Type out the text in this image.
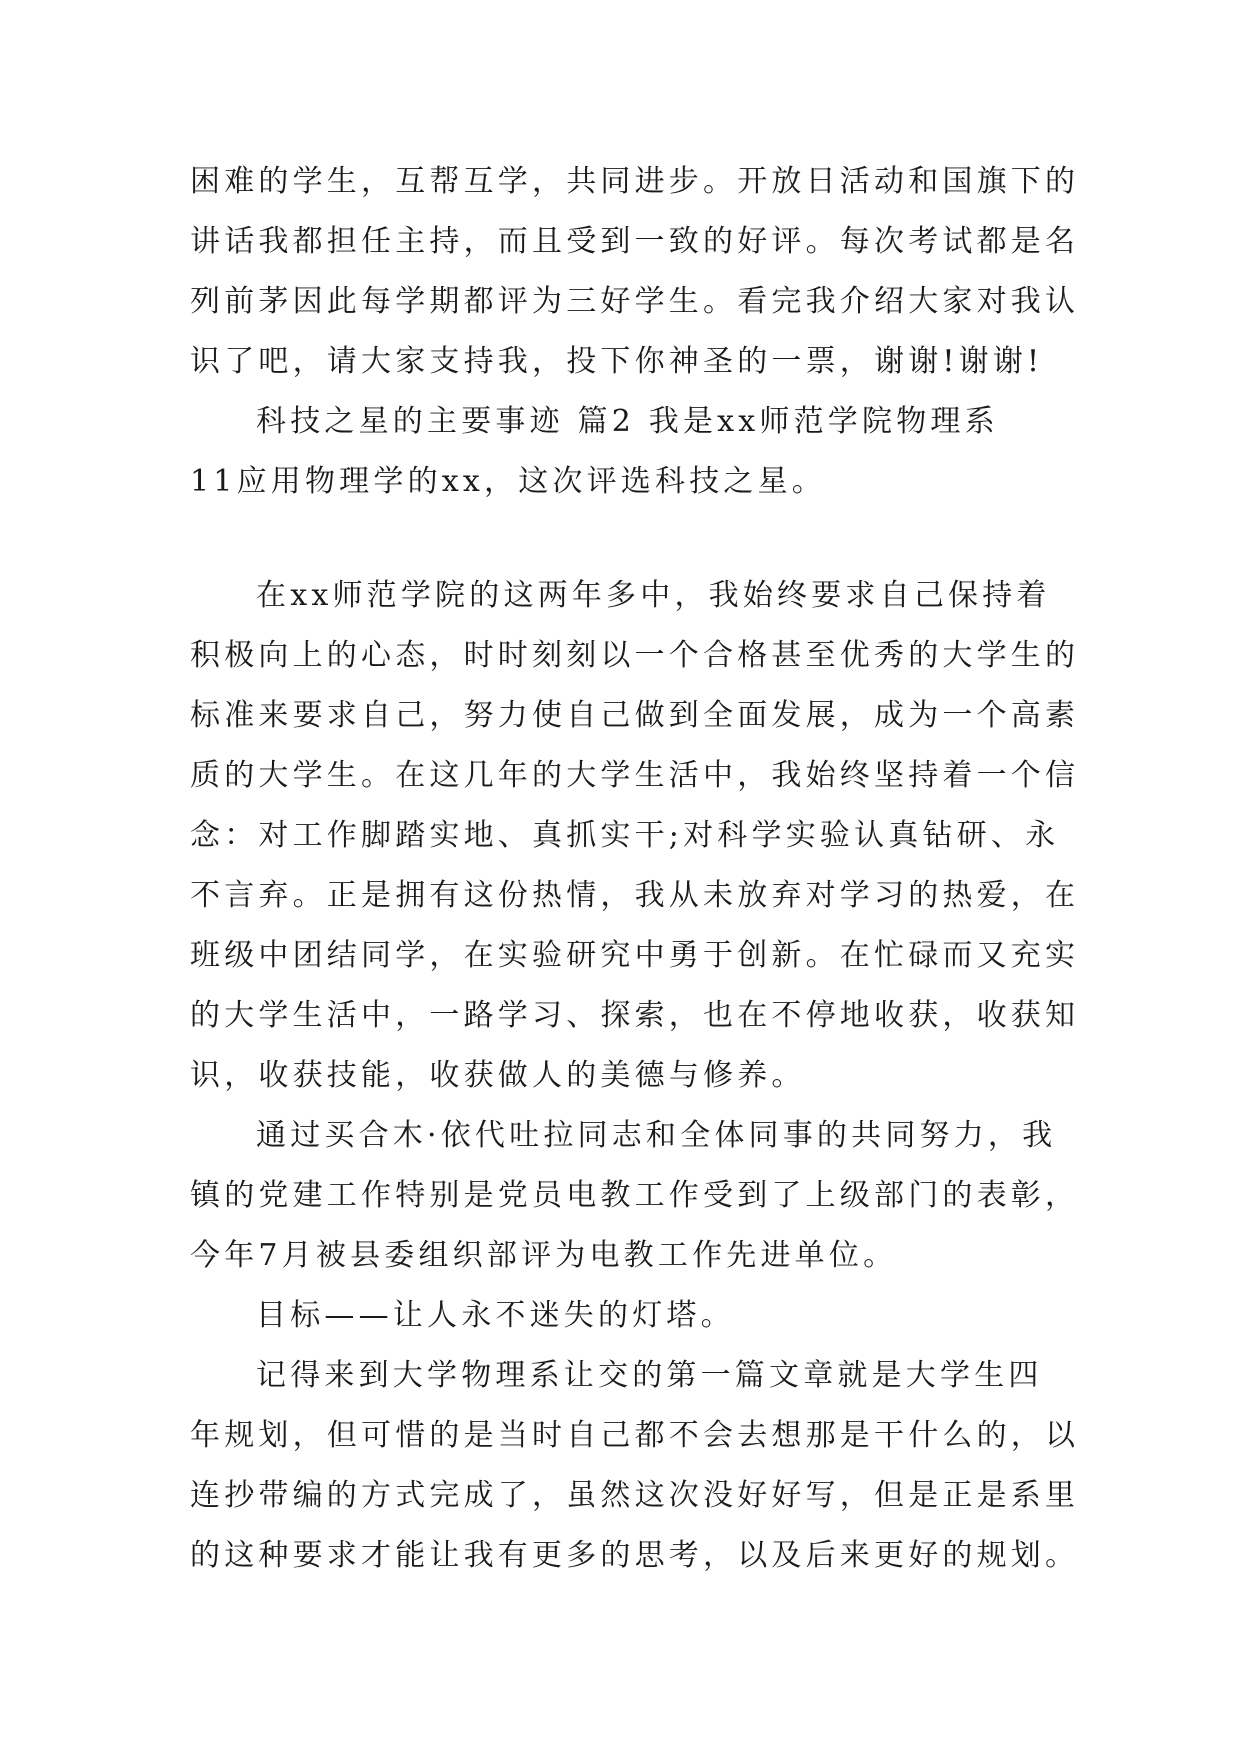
困难的学生，互帮互学，共同进步。开放日活动和国旗下的

讲话我都担任主持，而且受到一致的好评。每次考试都是名

列前茅因此每学期都评为三好学生。看完我介绍大家对我认

识了吧，请大家支持我，投下你神圣的一票，谢谢!谢谢!

科技之星的主要事迹 篇2 我是xx师范学院物理系

11应用物理学的xx，这次评选科技之星。

在xx师范学院的这两年多中，我始终要求自己保持着

积极向上的心态，时时刻刻以一个合格甚至优秀的大学生的

标准来要求自己，努力使自己做到全面发展，成为一个高素

质的大学生。在这几年的大学生活中，我始终坚持着一个信

念：对工作脚踏实地、真抓实干;对科学实验认真钻研、永

不言弃。正是拥有这份热情，我从未放弃对学习的热爱，在

班级中团结同学，在实验研究中勇于创新。在忙碌而又充实

的大学生活中，一路学习、探索，也在不停地收获，收获知

识，收获技能，收获做人的美德与修养。

通过买合木·依代吐拉同志和全体同事的共同努力，我

镇的党建工作特别是党员电教工作受到了上级部门的表彰，

今年7月被县委组织部评为电教工作先进单位。

目标——让人永不迷失的灯塔。

记得来到大学物理系让交的第一篇文章就是大学生四

年规划，但可惜的是当时自己都不会去想那是干什么的，以

连抄带编的方式完成了，虽然这次没好好写，但是正是系里

的这种要求才能让我有更多的思考，以及后来更好的规划。
